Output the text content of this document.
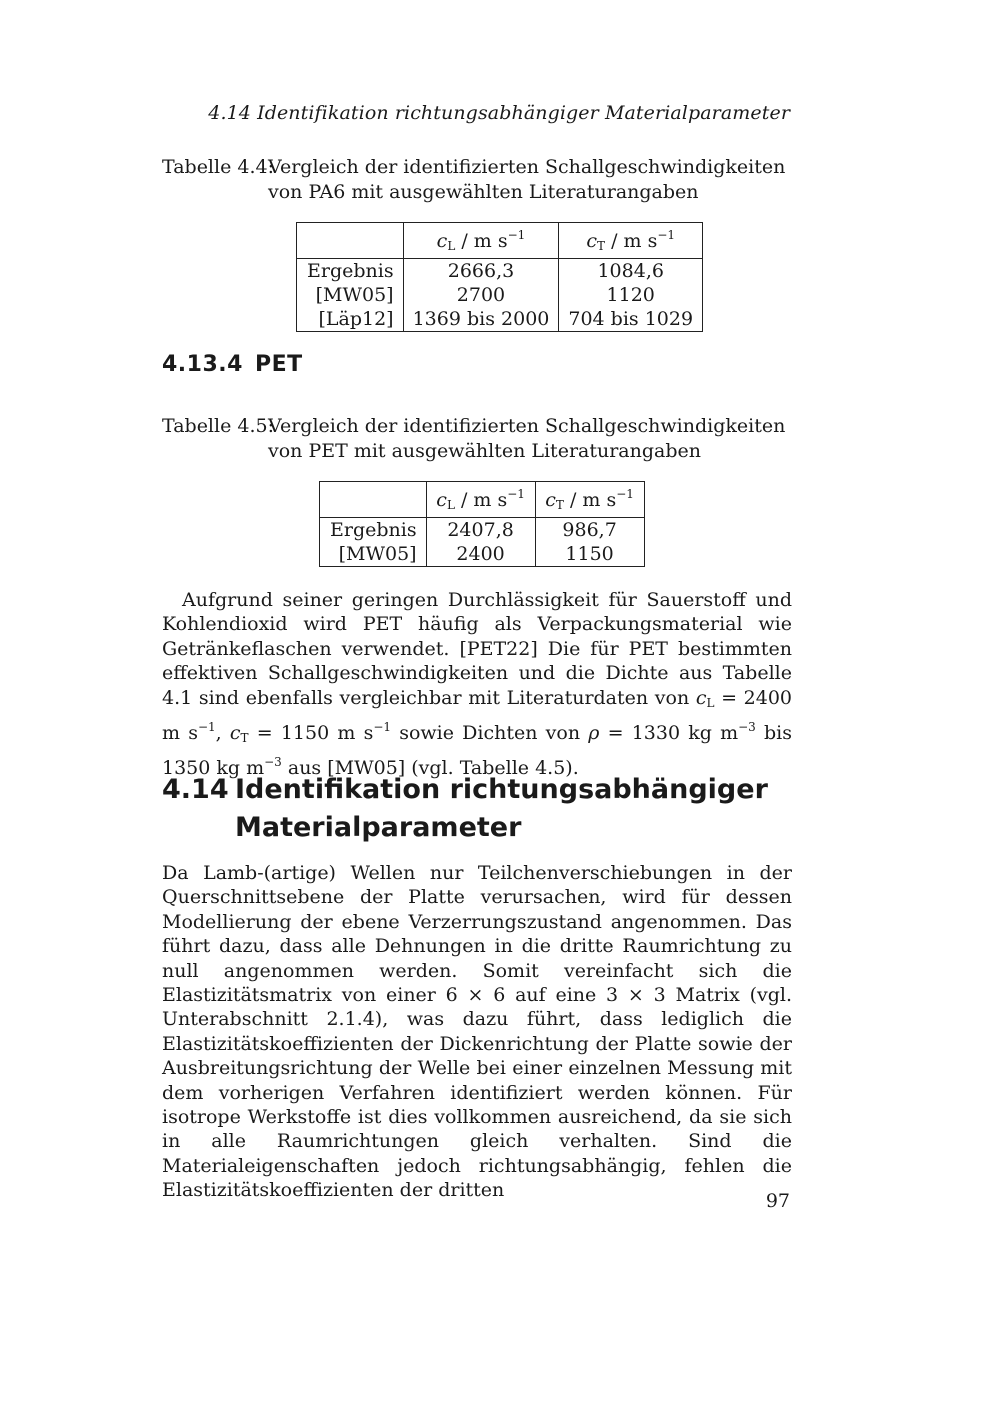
4.14 Identifikation richtungsabhängiger Materialparameter
Tabelle 4.4:
Vergleich der identifizierten Schallgeschwindigkeiten von PA6 mit ausgewählten Literaturangaben
	$c_L$ / m $s^{-1}$	$c_T$ / m $s^{-1}$
Ergebnis	2666,3	1084,6
[MW05]	2700	1120
[Läp12]	1369 bis 2000	704 bis 1029
4.13.4 PET
Tabelle 4.5:
Vergleich der identifizierten Schallgeschwindigkeiten von PET mit ausgewählten Literaturangaben
	$c_L$ / m $s^{-1}$	$c_T$ / m $s^{-1}$
Ergebnis	2407,8	986,7
[MW05]	2400	1150

Aufgrund seiner geringen Durchlässigkeit für Sauerstoff und Kohlendioxid wird PET häufig als Verpackungsmaterial wie Getränkeflaschen verwendet. [PET22] Die für PET bestimmten effektiven Schallgeschwindigkeiten und die Dichte aus Tabelle 4.1 sind ebenfalls vergleichbar mit Literaturdaten von $c_L = 2400$ m $s^{-1}$, $c_T = 1150$ m $s^{-1}$ sowie Dichten von ρ = 1330 kg $m^{-3}$ bis 1350 kg $m^{-3}$ aus [MW05] (vgl. Tabelle 4.5).

4.14 Identifikation richtungsabhängiger Materialparameter

Da Lamb-(artige) Wellen nur Teilchenverschiebungen in der Querschnittsebene der Platte verursachen, wird für dessen Modellierung der ebene Verzerrungszustand angenommen. Das führt dazu, dass alle Dehnungen in die dritte Raumrichtung zu null angenommen werden. Somit vereinfacht sich die Elastizitätsmatrix von einer 6 × 6 auf eine 3 × 3 Matrix (vgl. Unterabschnitt 2.1.4), was dazu führt, dass lediglich die Elastizitätskoeffizienten der Dickenrichtung der Platte sowie der Ausbreitungsrichtung der Welle bei einer einzelnen Messung mit dem vorherigen Verfahren identifiziert werden können. Für isotrope Werkstoffe ist dies vollkommen ausreichend, da sie sich in alle Raumrichtungen gleich verhalten. Sind die Materialeigenschaften jedoch richtungsabhängig, fehlen die Elastizitätskoeffizienten der dritten	97
